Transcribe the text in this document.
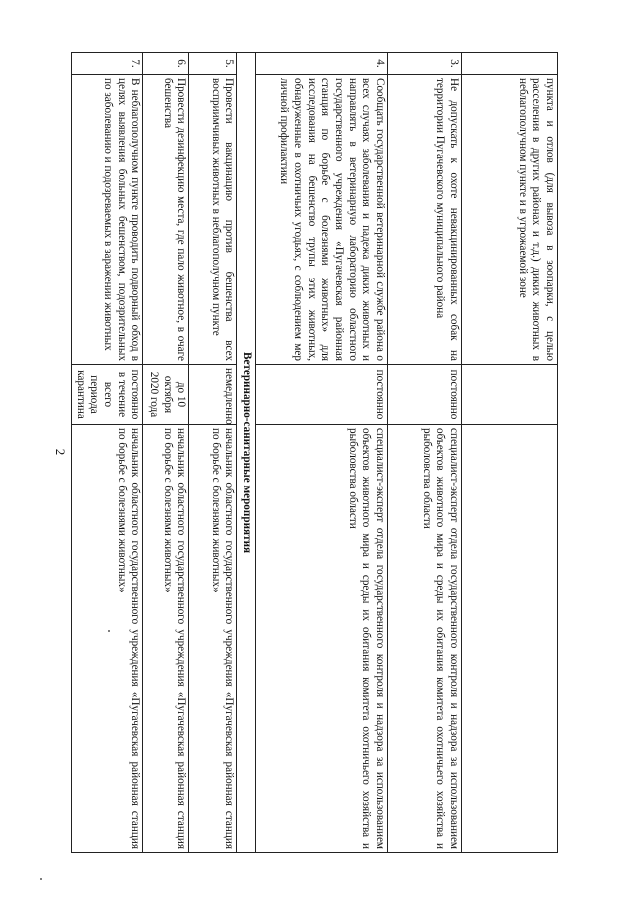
2
	пункта и отлов (для вывоза в зоопарки, с целью расселения в других районах и т.д.) диких животных в неблагополучном пункте и в угрожаемой зоне		
3.	Не допускать к охоте невакцинированных собак на территории Пугачевского муниципального района	постоянно	специалист-эксперт отдела государственного контроля и надзора за использованием объектов животного мира и среды их обитания комитета охотничьего хозяйства и рыболовства области
4.	Сообщать государственной ветеринарной службе района о всех случаях заболевания и падежа диких животных и направлять в ветеринарную лабораторию областного государственного учреждения «Пугачевская районная станция по борьбе с болезнями животных» для исследования на бешенство трупы этих животных, обнаруженные в охотничьих угодьях, с соблюдением мер личной профилактики	постоянно	специалист-эксперт отдела государственного контроля и надзора за использованием объектов животного мира и среды их обитания комитета охотничьего хозяйства и рыболовства области
Ветеринарно-санитарные мероприятия			
5.	Провести вакцинацию против бешенства всех восприимчивых животных в неблагополучном пункте	немедленно	начальник областного государственного учреждения «Пугачевская районная станция по борьбе с болезнями животных»
6.	Провести дезинфекцию места, где пало животное, в очаге бешенства	до 10 октября 2020 года	начальник областного государственного учреждения «Пугачевская районная станция по борьбе с болезнями животных»
7.	В неблагополучном пункте проводить подворный обход в целях выявления больных бешенством, подозрительных по заболеванию и подозреваемых в заражении животных	постоянно в течение всего периода карантина	начальник областного государственного учреждения «Пугачевская районная станция по борьбе с болезнями животных»
